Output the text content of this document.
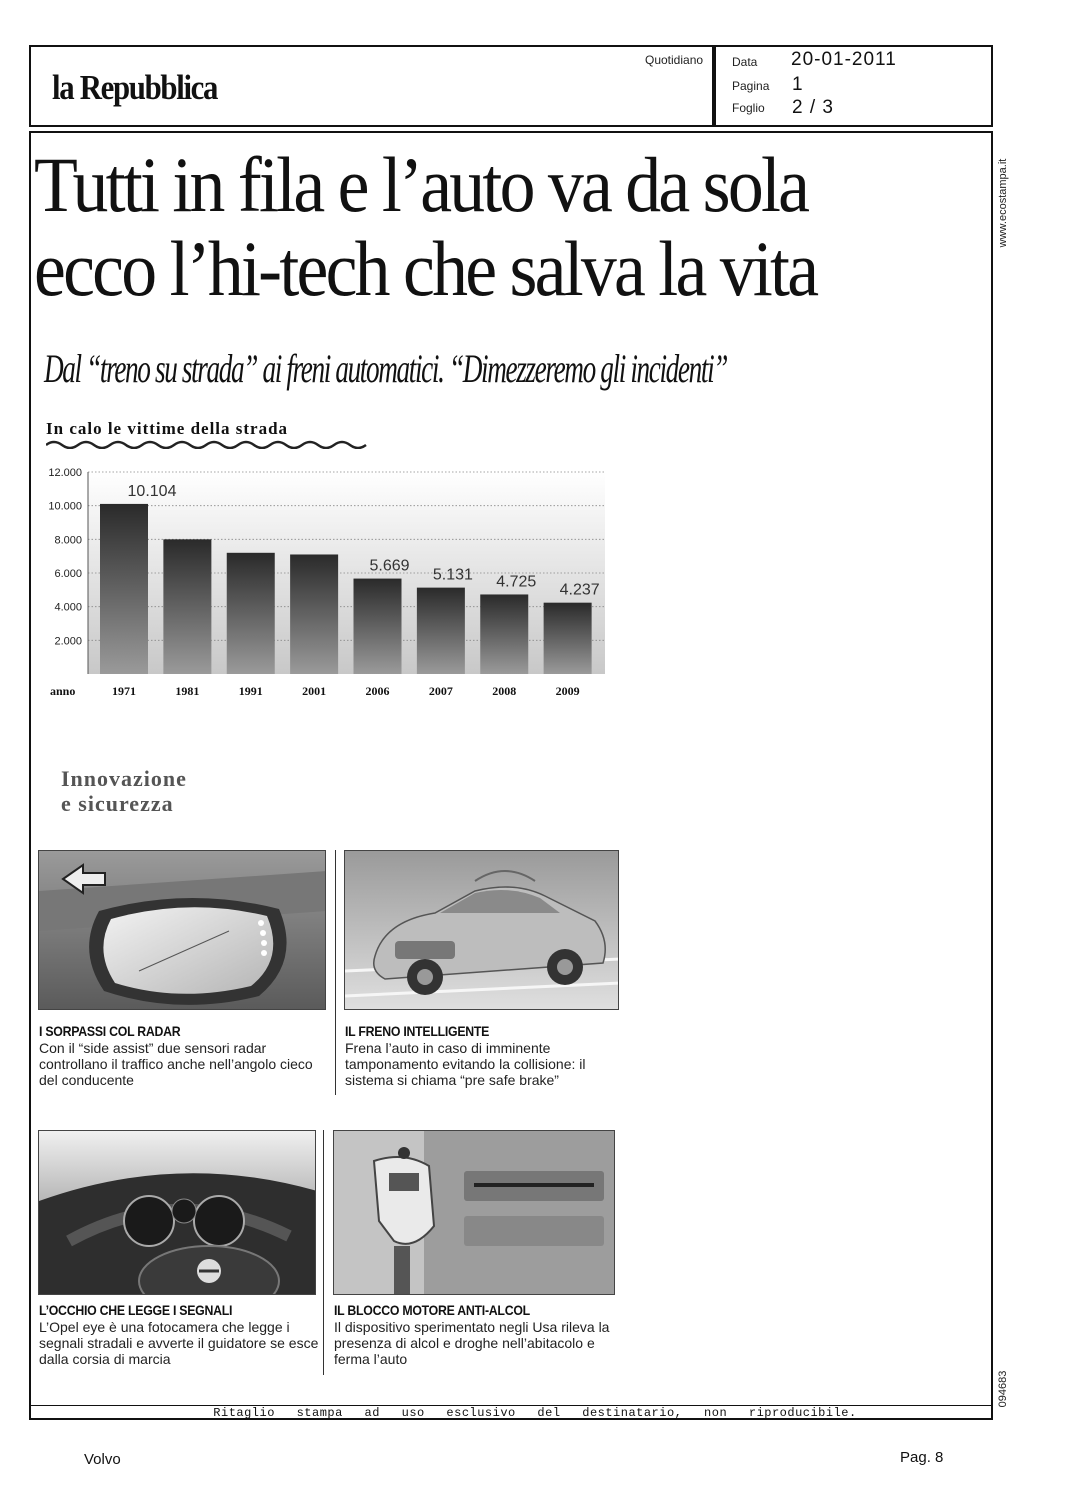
la Repubblica
Quotidiano Data 20-01-2011
Pagina 1
Foglio 2 / 3
www.ecostampa.it
094683
Tutti in fila e l’auto va da sola
ecco l’hi-tech che salva la vita
Dal “treno su strada” ai freni automatici. “Dimezzeremo gli incidenti”
In calo le vittime della strada
12.000
10.000
8.000
6.000
4.000
2.000
10.104
1971	1981	1991	2001
5.669
2006
5.131
2007
4.725
2008
4.237
2009
anno
Innovazione
e sicurezza
I SORPASSI COL RADAR
Con il “side assist” due sensori radar controllano il traffico anche nell’angolo cieco del conducente
IL FRENO INTELLIGENTE
Frena l’auto in caso di imminente tamponamento evitando la collisione: il sistema si chiama “pre safe brake”
L’OCCHIO CHE LEGGE I SEGNALI
L’Opel eye è una fotocamera che legge i segnali stradali e avverte il guidatore se esce dalla corsia di marcia
IL BLOCCO MOTORE ANTI-ALCOL
Il dispositivo sperimentato negli Usa rileva la presenza di alcol e droghe nell’abitacolo e ferma l’auto
Ritaglio stampa ad uso esclusivo del destinatario, non riproducibile.
Volvo	Pag. 8
